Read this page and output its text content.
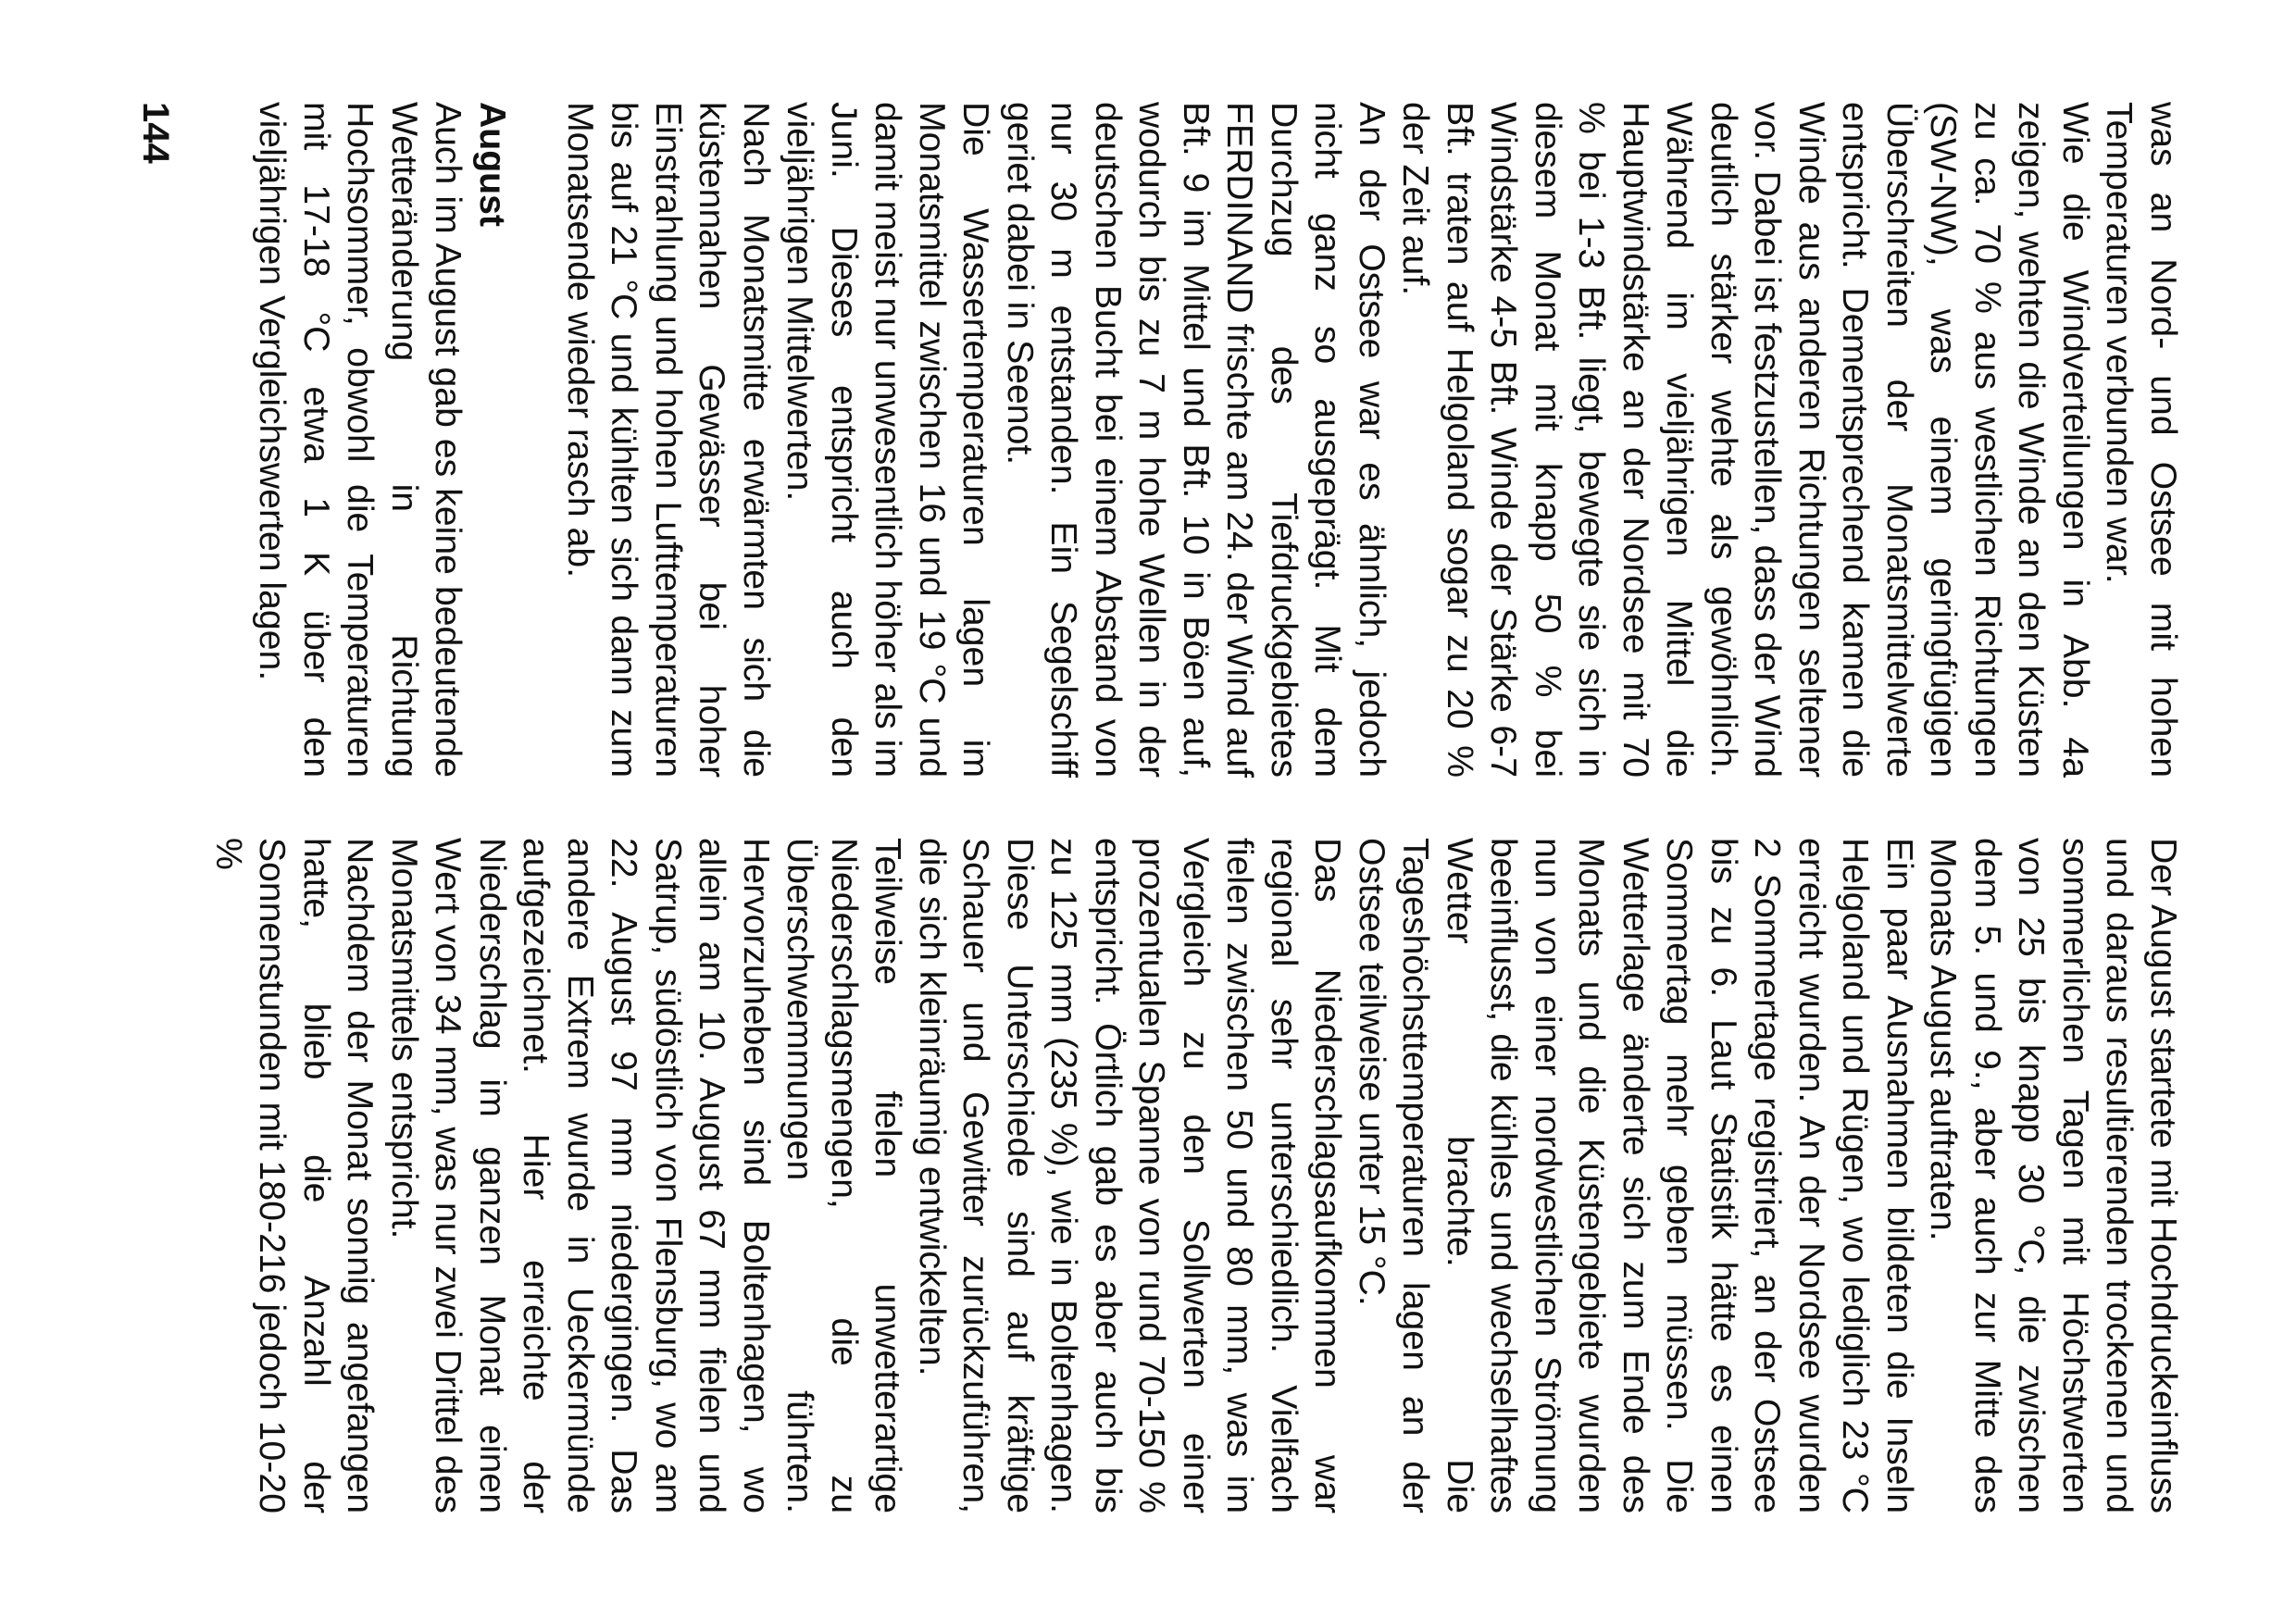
was an Nord- und Ostsee mit hohen Temperaturen verbunden war.

Wie die Windverteilungen in Abb. 4a zeigen, wehten die Winde an den Küsten zu ca. 70 % aus westlichen Richtungen (SW-NW), was einem geringfügigen Überschreiten der Monatsmittelwerte entspricht. Dementsprechend kamen die Winde aus anderen Richtungen seltener vor. Dabei ist festzustellen, dass der Wind deutlich stärker wehte als gewöhnlich. Während im vieljährigen Mittel die Hauptwindstärke an der Nordsee mit 70 % bei 1-3 Bft. liegt, bewegte sie sich in diesem Monat mit knapp 50 % bei Windstärke 4-5 Bft. Winde der Stärke 6-7 Bft. traten auf Helgoland sogar zu 20 % der Zeit auf.

An der Ostsee war es ähnlich, jedoch nicht ganz so ausgeprägt. Mit dem Durchzug des Tiefdruckgebietes FERDINAND frischte am 24. der Wind auf Bft. 9 im Mittel und Bft. 10 in Böen auf, wodurch bis zu 7 m hohe Wellen in der deutschen Bucht bei einem Abstand von nur 30 m entstanden. Ein Segelschiff geriet dabei in Seenot.

Die Wassertemperaturen lagen im Monatsmittel zwischen 16 und 19 °C und damit meist nur unwesentlich höher als im Juni. Dieses entspricht auch den vieljährigen Mittelwerten.

Nach Monatsmitte erwärmten sich die küstennahen Gewässer bei hoher Einstrahlung und hohen Lufttemperaturen bis auf 21 °C und kühlten sich dann zum Monatsende wieder rasch ab.

August

Auch im August gab es keine bedeutende Wetteränderung in Richtung Hochsommer, obwohl die Temperaturen mit 17-18 °C etwa 1 K über den vieljährigen Vergleichswerten lagen.

Der August startete mit Hochdruckeinfluss und daraus resultierenden trockenen und sommerlichen Tagen mit Höchstwerten von 25 bis knapp 30 °C, die zwischen dem 5. und 9., aber auch zur Mitte des Monats August auftraten.

Ein paar Ausnahmen bildeten die Inseln Helgoland und Rügen, wo lediglich 23 °C erreicht wurden. An der Nordsee wurden 2 Sommertage registriert, an der Ostsee bis zu 6. Laut Statistik hätte es einen Sommertag mehr geben müssen. Die Wetterlage änderte sich zum Ende des Monats und die Küstengebiete wurden nun von einer nordwestlichen Strömung beeinflusst, die kühles und wechselhaftes Wetter brachte. Die Tageshöchsttemperaturen lagen an der Ostsee teilweise unter 15 °C.

Das Niederschlagsaufkommen war regional sehr unterschiedlich. Vielfach fielen zwischen 50 und 80 mm, was im Vergleich zu den Sollwerten einer prozentualen Spanne von rund 70-150 % entspricht. Örtlich gab es aber auch bis zu 125 mm (235 %), wie in Boltenhagen. Diese Unterschiede sind auf kräftige Schauer und Gewitter zurückzuführen, die sich kleinräumig entwickelten.

Teilweise fielen unwetterartige Niederschlagsmengen, die zu Überschwemmungen führten. Hervorzuheben sind Boltenhagen, wo allein am 10. August 67 mm fielen und Satrup, südöstlich von Flensburg, wo am 22. August 97 mm niedergingen. Das andere Extrem wurde in Ueckermünde aufgezeichnet. Hier erreichte der Niederschlag im ganzen Monat einen Wert von 34 mm, was nur zwei Drittel des Monatsmittels entspricht.

Nachdem der Monat sonnig angefangen hatte, blieb die Anzahl der Sonnenstunden mit 180-216 jedoch 10-20 %

144
